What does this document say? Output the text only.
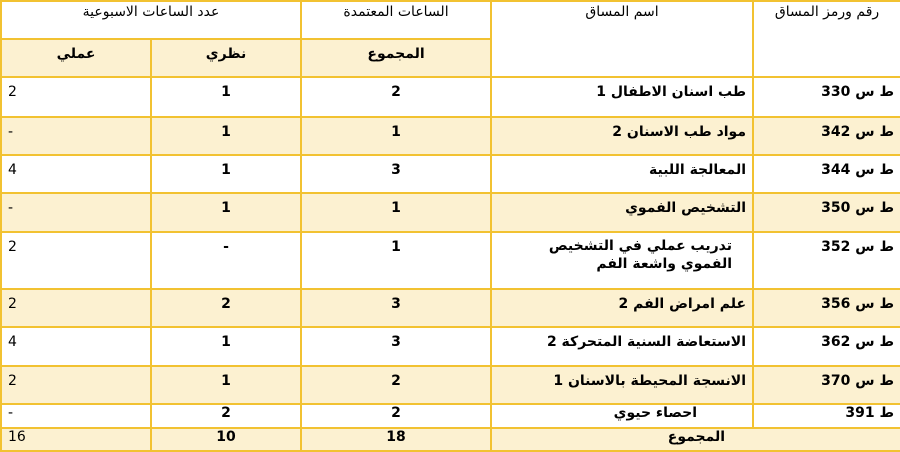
عدد الساعات الاسبوعية		الساعات المعتمدة	اسم المساق	رقم ورمز المساق

عملي	نظري	المجموع		

2	1	2	طب اسنان الاطفال 1	ط س 330

-	1	1	مواد طب الاسنان 2	ط س 342

4	1	3	المعالجة اللبية	ط س 344

-	1	1	التشخيص الفموي	ط س 350

2	-	1	تدريب عملي في التشخيص الفموي واشعة الفم	ط س 352

2	2	3	علم امراض الفم 2	ط س 356

4	1	3	الاستعاضة السنية المتحركة 2	ط س 362

2	1	2	الانسجة المحيطة بالاسنان 1	ط س 370
-	2	2	احصاء حيوي	ط 391
16	10	18	المجموع	
